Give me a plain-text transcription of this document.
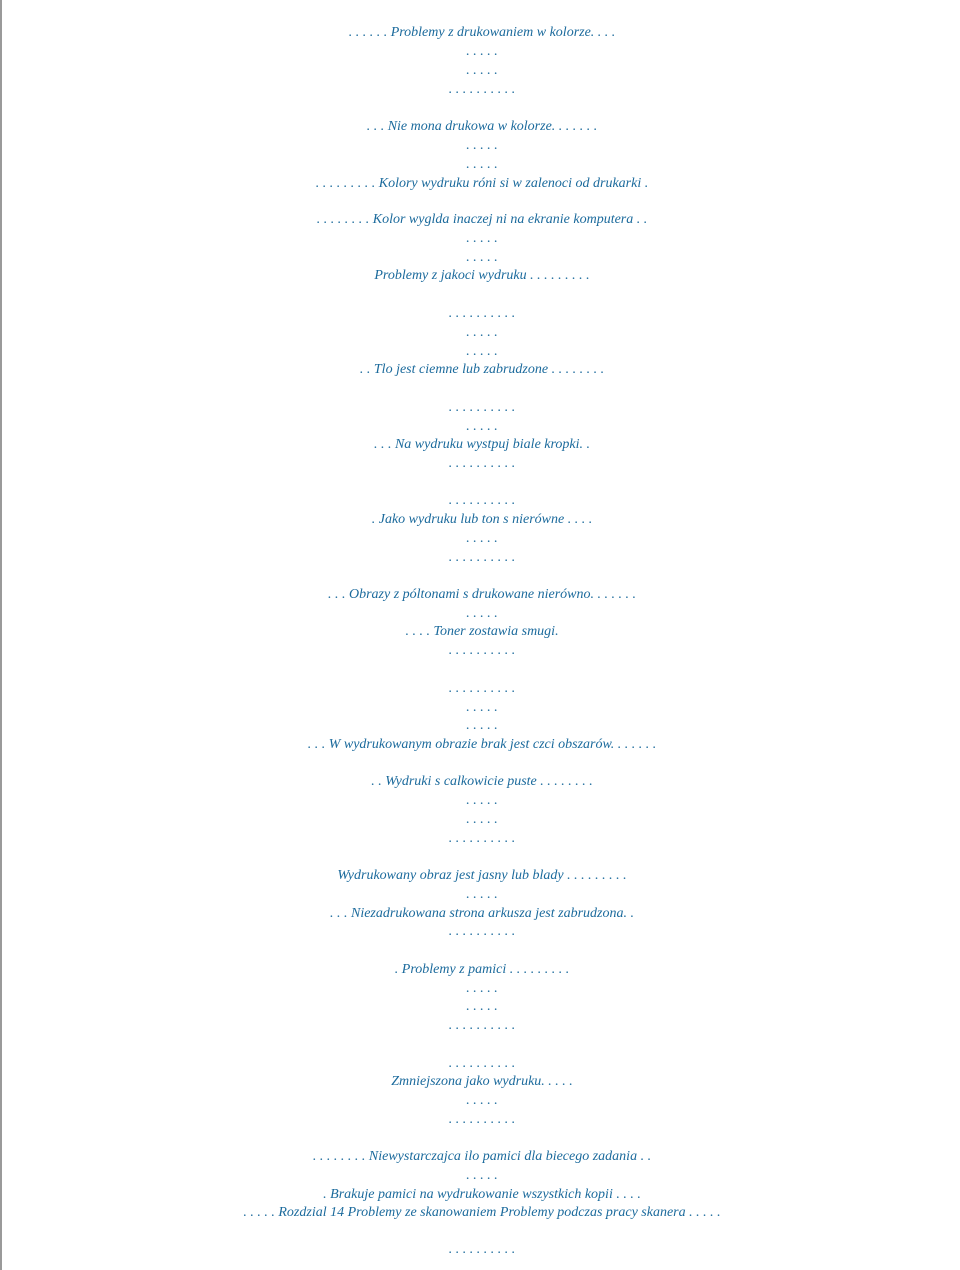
. . . . . . Problemy z drukowaniem w kolorze. . . .
. . . . .
. . . . .
. . . . . . . . . .
. . . Nie mona drukowa w kolorze. . . . . . .
. . . . .
. . . . .
. . . . . . . . . Kolory wydruku róni si w zalenoci od drukarki .
. . . . . . . . Kolor wyglda inaczej ni na ekranie komputera . .
. . . . .
. . . . .
Problemy z jakoci wydruku . . . . . . . . .
. . . . . . . . . .
. . . . .
. . . . .
. . Tlo jest ciemne lub zabrudzone . . . . . . . .
. . . . . . . . . .
. . . . .
. . . Na wydruku wystpuj biale kropki. .
. . . . . . . . . .
. . . . . . . . . .
. Jako wydruku lub ton s nierówne . . . .
. . . . .
. . . . . . . . . .
. . . Obrazy z póltonami s drukowane nierówno. . . . . . .
. . . . .
. . . . Toner zostawia smugi.
. . . . . . . . . .
. . . . . . . . . .
. . . . .
. . . . .
. . . W wydrukowanym obrazie brak jest czci obszarów. . . . . . .
. . Wydruki s calkowicie puste . . . . . . . .
. . . . .
. . . . .
. . . . . . . . . .
Wydrukowany obraz jest jasny lub blady . . . . . . . . .
. . . . .
. . . Niezadrukowana strona arkusza jest zabrudzona. .
. . . . . . . . . .
. Problemy z pamici . . . . . . . . .
. . . . .
. . . . .
. . . . . . . . . .
. . . . . . . . . .
Zmniejszona jako wydruku. . . . .
. . . . .
. . . . . . . . . .
. . . . . . . . Niewystarczajca ilo pamici dla biecego zadania . .
. . . . .
. Brakuje pamici na wydrukowanie wszystkich kopii . . . .
. . . . . Rozdzial 14 Problemy ze skanowaniem Problemy podczas pracy skanera . . . . .
. . . . . . . . . .
